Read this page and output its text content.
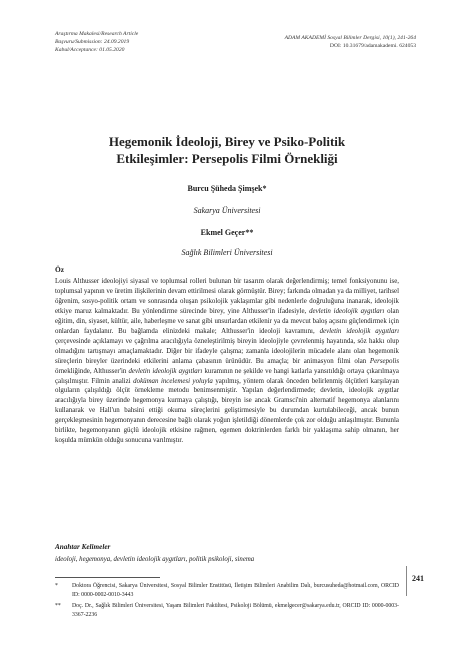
Araştırma Makalesi/Research Article
Başvuru/Submission: 24.09.2019
Kabul/Acceptance: 01.05.2020
ADAM AKADEMİ Sosyal Bilimler Dergisi, 10(1), 241-264
DOI: 10.31679/adamakademi. 624053
Hegemonik İdeoloji, Birey ve Psiko-Politik
Etkileşimler: Persepolis Filmi Örnekliği
Burcu Şüheda Şimşek*
Sakarya Üniversitesi
Ekmel Geçer**
Sağlık Bilimleri Üniversitesi
Öz
Louis Althusser ideolojiyi siyasal ve toplumsal rolleri bulunan bir tasarım olarak değerlendirmiş; temel fonksiyonunu ise, toplumsal yapının ve üretim ilişkilerinin devam ettirilmesi olarak görmüştür. Birey; farkında olmadan ya da milliyet, tarihsel öğrenim, sosyo-politik ortam ve sonrasında oluşan psikolojik yaklaşımlar gibi nedenlerle doğruluğuna inanarak, ideolojik etkiye maruz kalmaktadır. Bu yönlendirme sürecinde birey, yine Althusser'in ifadesiyle, devletin ideolojik aygıtları olan eğitim, din, siyaset, kültür, aile, haberleşme ve sanat gibi unsurlardan etkilenir ya da mevcut baloş açısını güçlendirmek için onlardan faydalanır. Bu bağlamda elinizdeki makale; Althusser'in ideoloji kavramını, devletin ideolojik aygıtları çerçevesinde açıklamayı ve çağrılma aracılığıyla özneleştirilmiş bireyin ideolojiyle çevrelenmiş hayatında, söz hakkı olup olmadığını tartışmayı amaçlamaktadır. Diğer bir ifadeyle çalışma; zamanla ideolojilerin mücadele alanı olan hegemonik süreçlerin bireyler üzerindeki etkilerini anlama çabasının ürünüdür. Bu amaçla; bir animasyon filmi olan Persepolis örnekliğinde, Althusser'in devletin ideolojik aygıtları kuramının ne şekilde ve hangi katlarla yansıtıldığı ortaya çıkarılmaya çalışılmıştır. Filmin analizi doküman incelemesi yoluyla yapılmış, yöntem olarak önceden belirlenmiş ölçütleri karşılayan olguların çalışıldığı ölçüt örnekleme metodu benimsenmiştir. Yapılan değerlendirmede; devletin, ideolojik aygıtlar aracılığıyla birey üzerinde hegemonya kurmaya çalıştığı, bireyin ise ancak Gramsci'nin alternatif hegemonya alanlarını kullanarak ve Hall'un bahsini ettiği okuma süreçlerini geliştirmesiyle bu durumdan kurtulabileceği, ancak bunun gerçekleşmesinin hegemonyanın derecesine bağlı olarak yoğun işletildiği dönemlerde çok zor olduğu anlaşılmıştır. Bununla birlikte, hegemonyanın güçlü ideolojik etkisine rağmen, egemen doktrinlerden farklı bir yaklaşıma sahip olmanın, her koşulda mümkün olduğu sonucuna varılmıştır.
Anahtar Kelimeler
ideoloji, hegemonya, devletin ideolojik aygıtları, politik psikoloji, sinema
*	Doktora Öğrencisi, Sakarya Üniversitesi, Sosyal Bilimler Enstitüsü, İletişim Bilimleri Anabilim Dalı, burcusuheda@hotmail.com, ORCID ID: 0000-0002-0010-3443
**	Doç. Dr., Sağlık Bilimleri Üniversitesi, Yaşam Bilimleri Fakültesi, Psikoloji Bölümü, ekmelgecer@sakarya.edu.tr, ORCID ID: 0000-0003-3367-2236
241
